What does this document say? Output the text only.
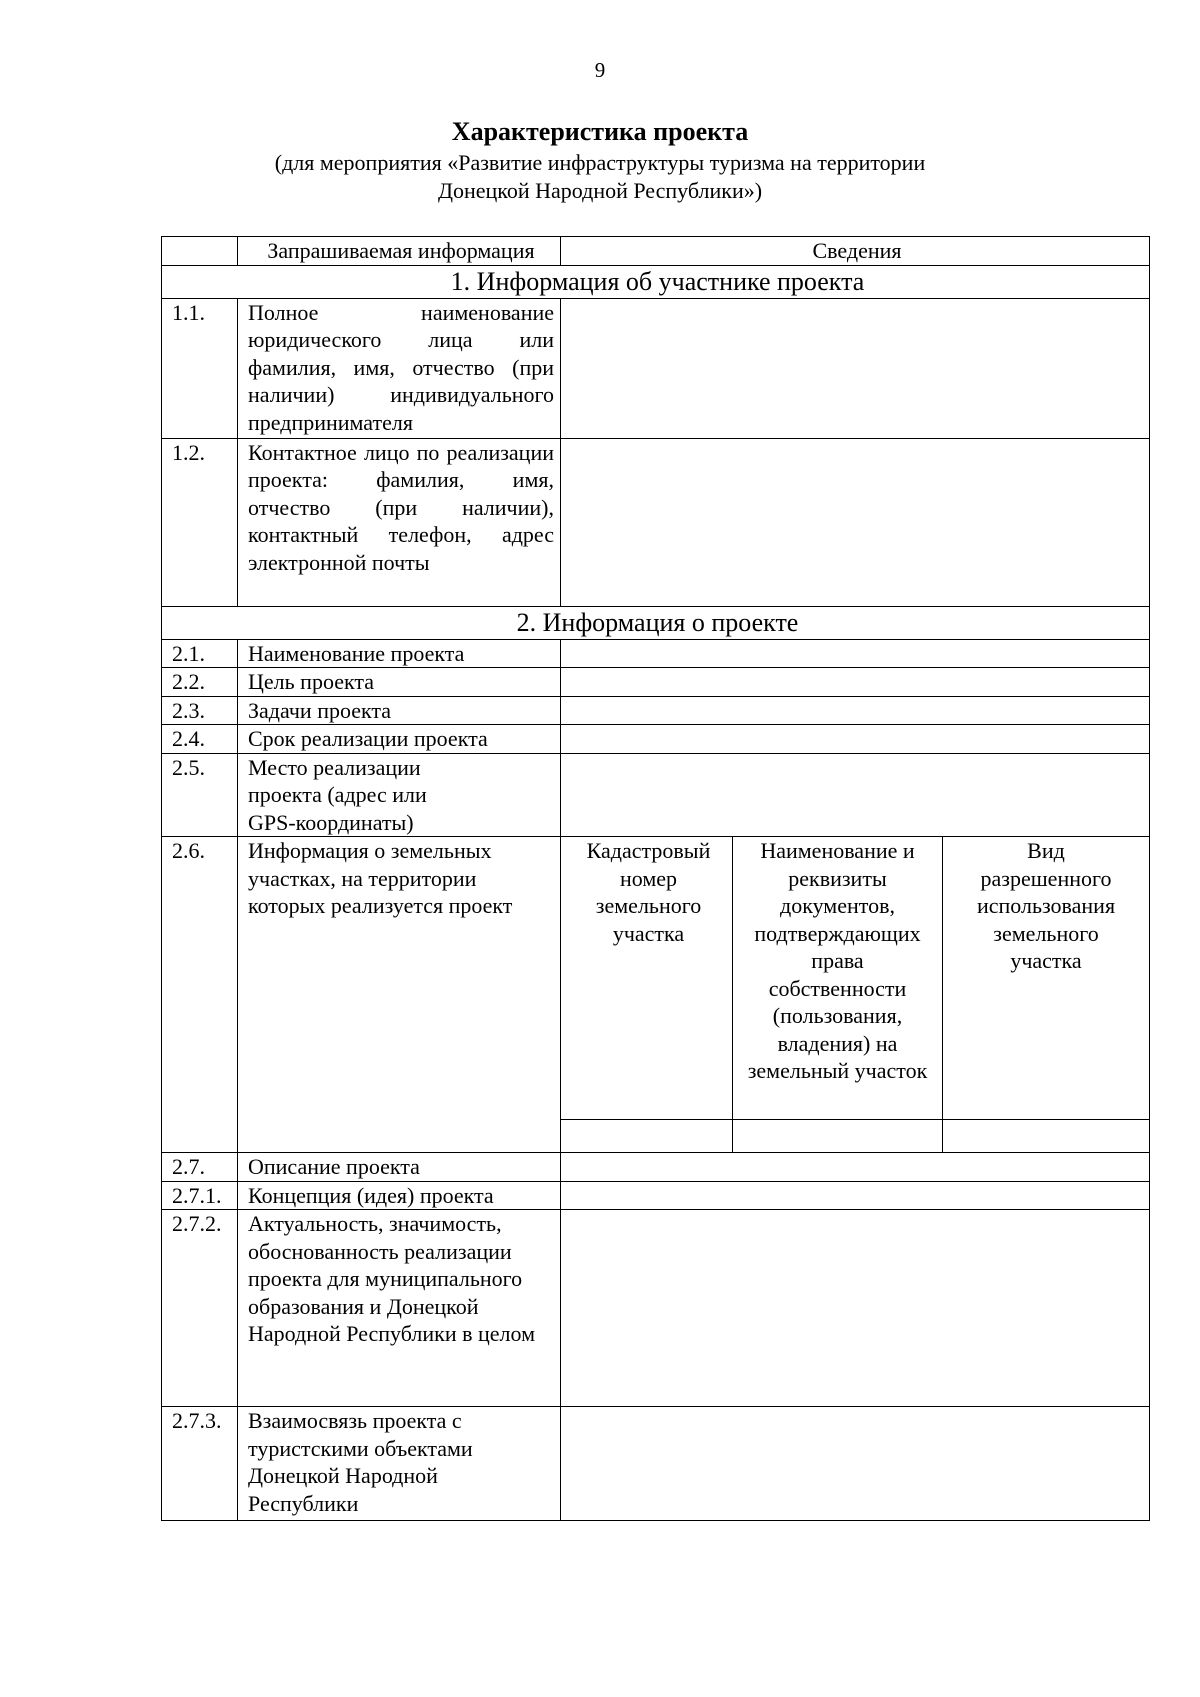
9
Характеристика проекта
(для мероприятия «Развитие инфраструктуры туризма на территории
Донецкой Народной Республики»)
	Запрашиваемая информация	Сведения		
1. Информация об участнике проекта				
1.1.	Полное наименование юридического лица или фамилия, имя, отчество (при наличии) индивидуального предпринимателя			
1.2.	Контактное лицо по реализации проекта: фамилия, имя, отчество (при наличии), контактный телефон, адрес электронной почты			
2. Информация о проекте				
2.1.	Наименование проекта			
2.2.	Цель проекта			
2.3.	Задачи проекта			
2.4.	Срок реализации проекта			
2.5.	Место реализации проекта (адрес или GPS-координаты)			
2.6.	Информация о земельных участках, на территории которых реализуется проект	Кадастровый номер земельного участка	Наименование и реквизиты документов, подтверждающих права собственности (пользования, владения) на земельный участок	Вид разрешенного использования земельного участка

2.7.	Описание проекта			
2.7.1.	Концепция (идея) проекта			
2.7.2.	Актуальность, значимость, обоснованность реализации проекта для муниципального образования и Донецкой Народной Республики в целом			
2.7.3.	Взаимосвязь проекта с туристскими объектами Донецкой Народной Республики			
